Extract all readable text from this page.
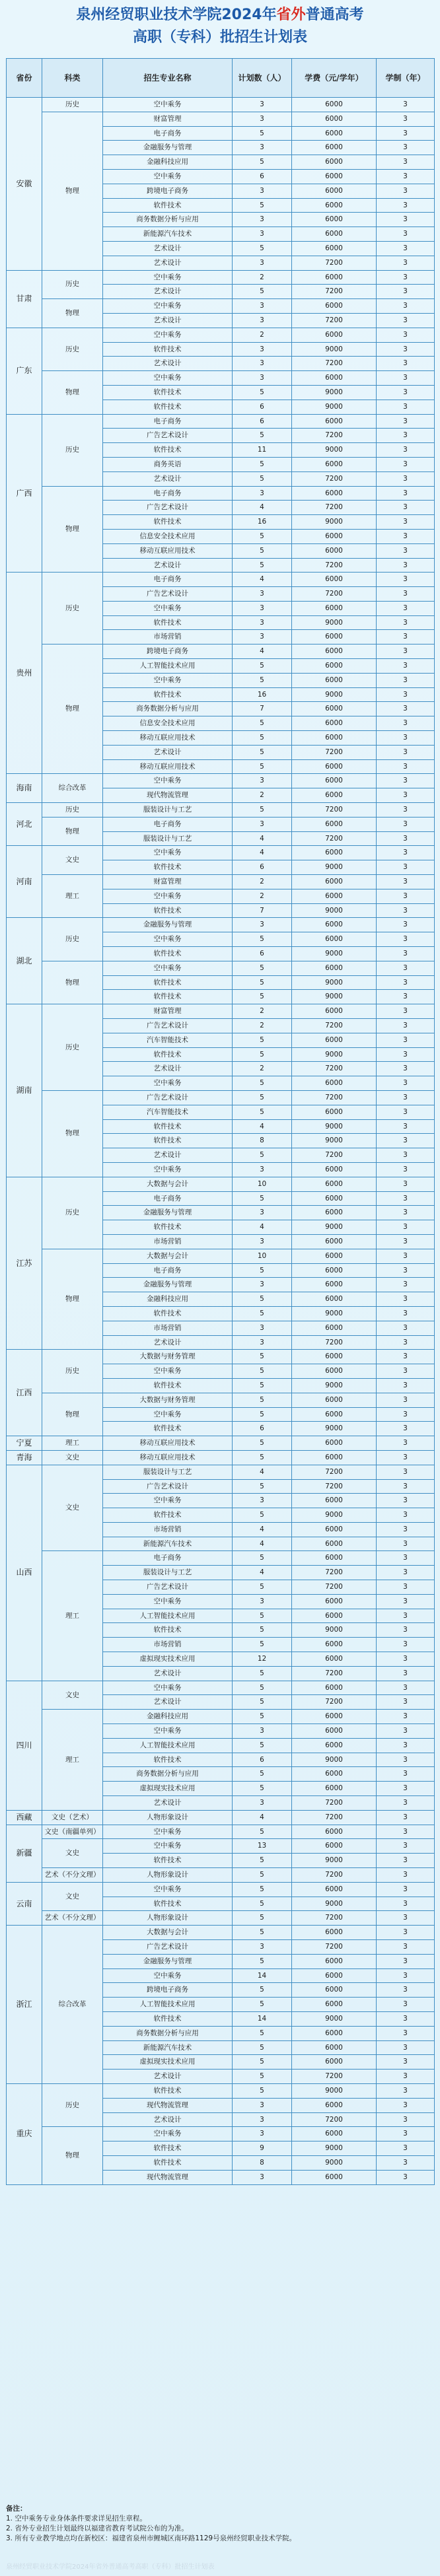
泉州经贸职业技术学院2024年省外普通高考
高职（专科）批招生计划表
省份	科类	招生专业名称	计划数（人）	学费（元/学年）	学制（年）
安徽	历史	空中乘务	3	6000	3
	物理	财富管理	3	6000	3
		电子商务	5	6000	3
		金融服务与管理	3	6000	3
		金融科技应用	5	6000	3
		空中乘务	6	6000	3
		跨境电子商务	3	6000	3
		软件技术	5	6000	3
		商务数据分析与应用	3	6000	3
		新能源汽车技术	3	6000	3
		艺术设计	5	6000	3
		艺术设计	3	7200	3
甘肃	历史	空中乘务	2	6000	3
		艺术设计	5	7200	3
	物理	空中乘务	3	6000	3
		艺术设计	3	7200	3
广东	历史	空中乘务	2	6000	3
		软件技术	3	9000	3
		艺术设计	3	7200	3
	物理	空中乘务	3	6000	3
		软件技术	5	9000	3
		软件技术	6	9000	3
广西	历史	电子商务	6	6000	3
		广告艺术设计	5	7200	3
		软件技术	11	9000	3
		商务英语	5	6000	3
		艺术设计	5	7200	3
	物理	电子商务	3	6000	3
		广告艺术设计	4	7200	3
		软件技术	16	9000	3
		信息安全技术应用	5	6000	3
		移动互联应用技术	5	6000	3
		艺术设计	5	7200	3
贵州	历史	电子商务	4	6000	3
		广告艺术设计	3	7200	3
		空中乘务	3	6000	3
		软件技术	3	9000	3
		市场营销	3	6000	3
	物理	跨境电子商务	4	6000	3
		人工智能技术应用	5	6000	3
		空中乘务	5	6000	3
		软件技术	16	9000	3
		商务数据分析与应用	7	6000	3
		信息安全技术应用	5	6000	3
		移动互联应用技术	5	6000	3
		艺术设计	5	7200	3
		移动互联应用技术	5	6000	3
海南	综合改革	空中乘务	3	6000	3
		现代物流管理	2	6000	3
河北	历史	服装设计与工艺	5	7200	3
	物理	电子商务	3	6000	3
		服装设计与工艺	4	7200	3
河南	文史	空中乘务	4	6000	3
		软件技术	6	9000	3
	理工	财富管理	2	6000	3
		空中乘务	2	6000	3
		软件技术	7	9000	3
湖北	历史	金融服务与管理	3	6000	3
		空中乘务	5	6000	3
		软件技术	6	9000	3
	物理	空中乘务	5	6000	3
		软件技术	5	9000	3
		软件技术	5	9000	3
湖南	历史	财富管理	2	6000	3
		广告艺术设计	2	7200	3
		汽车智能技术	5	6000	3
		软件技术	5	9000	3
		艺术设计	2	7200	3
		空中乘务	5	6000	3
	物理	广告艺术设计	5	7200	3
		汽车智能技术	5	6000	3
		软件技术	4	9000	3
		软件技术	8	9000	3
		艺术设计	5	7200	3
		空中乘务	3	6000	3
江苏	历史	大数据与会计	10	6000	3
		电子商务	5	6000	3
		金融服务与管理	3	6000	3
		软件技术	4	9000	3
		市场营销	3	6000	3
	物理	大数据与会计	10	6000	3
		电子商务	5	6000	3
		金融服务与管理	3	6000	3
		金融科技应用	5	6000	3
		软件技术	5	9000	3
		市场营销	3	6000	3
		艺术设计	3	7200	3
江西	历史	大数据与财务管理	5	6000	3
		空中乘务	5	6000	3
		软件技术	5	9000	3
	物理	大数据与财务管理	5	6000	3
		空中乘务	5	6000	3
		软件技术	6	9000	3
宁夏	理工	移动互联应用技术	5	6000	3
青海	文史	移动互联应用技术	5	6000	3
山西	文史	服装设计与工艺	4	7200	3
		广告艺术设计	5	7200	3
		空中乘务	3	6000	3
		软件技术	5	9000	3
		市场营销	4	6000	3
		新能源汽车技术	4	6000	3
	理工	电子商务	5	6000	3
		服装设计与工艺	4	7200	3
		广告艺术设计	5	7200	3
		空中乘务	3	6000	3
		人工智能技术应用	5	6000	3
		软件技术	5	9000	3
		市场营销	5	6000	3
		虚拟现实技术应用	12	6000	3
		艺术设计	5	7200	3
四川	文史	空中乘务	5	6000	3
		艺术设计	5	7200	3
	理工	金融科技应用	5	6000	3
		空中乘务	3	6000	3
		人工智能技术应用	5	6000	3
		软件技术	6	9000	3
		商务数据分析与应用	5	6000	3
		虚拟现实技术应用	5	6000	3
		艺术设计	3	7200	3
西藏	文史（艺术）	人物形象设计	4	7200	3
新疆	文史（南疆单列）	空中乘务	5	6000	3
	文史	空中乘务	13	6000	3
		软件技术	5	9000	3
	艺术（不分文理）	人物形象设计	5	7200	3
云南	文史	空中乘务	5	6000	3
		软件技术	5	9000	3
	艺术（不分文理）	人物形象设计	5	7200	3
浙江	综合改革	大数据与会计	5	6000	3
		广告艺术设计	3	7200	3
		金融服务与管理	5	6000	3
		空中乘务	14	6000	3
		跨境电子商务	5	6000	3
		人工智能技术应用	5	6000	3
		软件技术	14	9000	3
		商务数据分析与应用	5	6000	3
		新能源汽车技术	5	6000	3
		虚拟现实技术应用	5	6000	3
		艺术设计	5	7200	3
重庆	历史	软件技术	5	9000	3
		现代物流管理	3	6000	3
		艺术设计	3	7200	3
	物理	空中乘务	3	6000	3
		软件技术	9	9000	3
		软件技术	8	9000	3
		现代物流管理	3	6000	3
备注：
1. 空中乘务专业身体条件要求详见招生章程。
2. 省外专业招生计划最终以福建省教育考试院公布的为准。
3. 所有专业教学地点均在新校区：福建省泉州市鲤城区南环路1129号泉州经贸职业技术学院。
泉州经贸职业技术学院2024年省外普通高考高职（专科）批招生计划表
